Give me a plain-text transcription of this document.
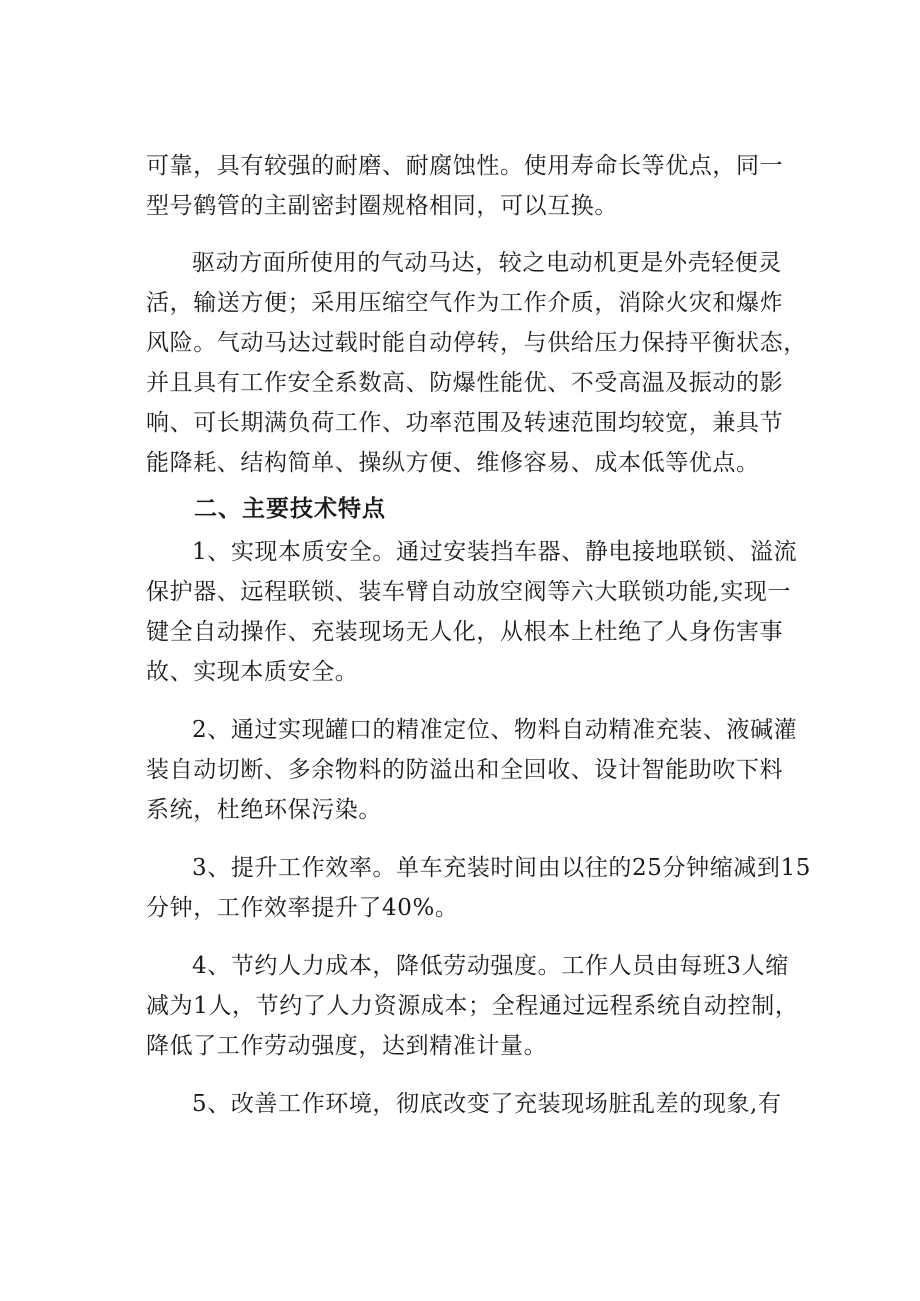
可靠，具有较强的耐磨、耐腐蚀性。使用寿命长等优点，同一
型号鹤管的主副密封圈规格相同，可以互换。
驱动方面所使用的气动马达，较之电动机更是外壳轻便灵
活，输送方便；采用压缩空气作为工作介质，消除火灾和爆炸
风险。气动马达过载时能自动停转，与供给压力保持平衡状态，
并且具有工作安全系数高、防爆性能优、不受高温及振动的影
响、可长期满负荷工作、功率范围及转速范围均较宽，兼具节
能降耗、结构简单、操纵方便、维修容易、成本低等优点。
二、主要技术特点
1、实现本质安全。通过安装挡车器、静电接地联锁、溢流
保护器、远程联锁、装车臂自动放空阀等六大联锁功能,实现一
键全自动操作、充装现场无人化，从根本上杜绝了人身伤害事
故、实现本质安全。
2、通过实现罐口的精准定位、物料自动精准充装、液碱灌
装自动切断、多余物料的防溢出和全回收、设计智能助吹下料
系统，杜绝环保污染。
3、提升工作效率。单车充装时间由以往的25分钟缩减到15
分钟，工作效率提升了40%。
4、节约人力成本，降低劳动强度。工作人员由每班3人缩
减为1人，节约了人力资源成本；全程通过远程系统自动控制，
降低了工作劳动强度，达到精准计量。
5、改善工作环境，彻底改变了充装现场脏乱差的现象,有
